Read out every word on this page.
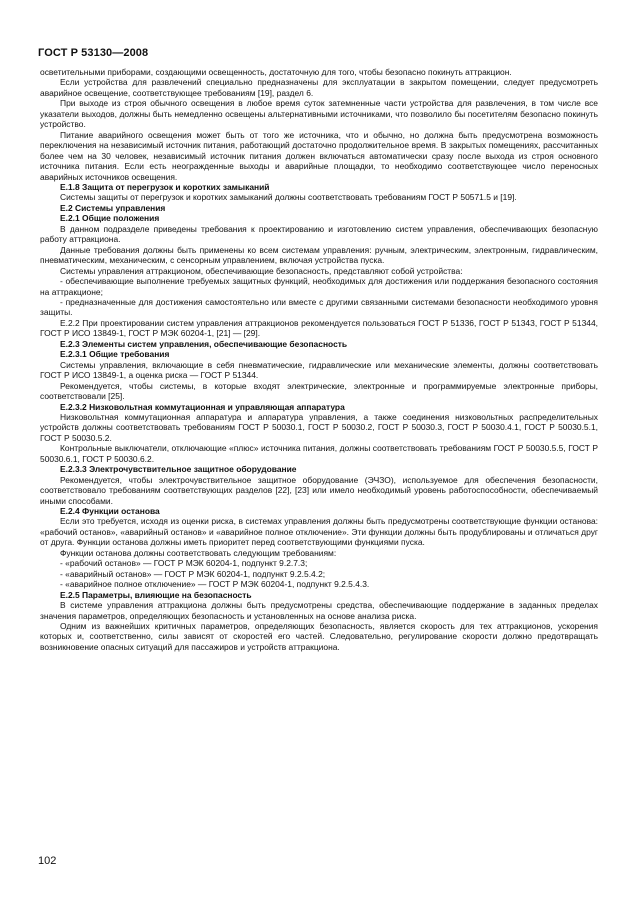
ГОСТ Р 53130—2008

осветительными приборами, создающими освещенность, достаточную для того, чтобы безопасно покинуть аттракцион.

Если устройства для развлечений специально предназначены для эксплуатации в закрытом помещении, следует предусмотреть аварийное освещение, соответствующее требованиям [19], раздел 6.

При выходе из строя обычного освещения в любое время суток затемненные части устройства для развлечения, в том числе все указатели выходов, должны быть немедленно освещены альтернативными источниками, что позволило бы посетителям безопасно покинуть устройство.

Питание аварийного освещения может быть от того же источника, что и обычно, но должна быть предусмотрена возможность переключения на независимый источник питания, работающий достаточно продолжительное время. В закрытых помещениях, рассчитанных более чем на 30 человек, независимый источник питания должен включаться автоматически сразу после выхода из строя основного источника питания. Если есть неогражденные выходы и аварийные площадки, то необходимо соответствующее число переносных аварийных источников освещения.

Е.1.8 Защита от перегрузок и коротких замыканий

Системы защиты от перегрузок и коротких замыканий должны соответствовать требованиям ГОСТ Р 50571.5 и [19].

Е.2 Системы управления

Е.2.1 Общие положения

В данном подразделе приведены требования к проектированию и изготовлению систем управления, обеспечивающих безопасную работу аттракциона.

Данные требования должны быть применены ко всем системам управления: ручным, электрическим, электронным, гидравлическим, пневматическим, механическим, с сенсорным управлением, включая устройства пуска.

Системы управления аттракционом, обеспечивающие безопасность, представляют собой устройства:

- обеспечивающие выполнение требуемых защитных функций, необходимых для достижения или поддержания безопасного состояния на аттракционе;

- предназначенные для достижения самостоятельно или вместе с другими связанными системами безопасности необходимого уровня защиты.

Е.2.2 При проектировании систем управления аттракционов рекомендуется пользоваться ГОСТ Р 51336, ГОСТ Р 51343, ГОСТ Р 51344, ГОСТ Р ИСО 13849-1, ГОСТ Р МЭК 60204-1, [21] — [29].

Е.2.3 Элементы систем управления, обеспечивающие безопасность

Е.2.3.1 Общие требования

Системы управления, включающие в себя пневматические, гидравлические или механические элементы, должны соответствовать ГОСТ Р ИСО 13849-1, а оценка риска — ГОСТ Р 51344.

Рекомендуется, чтобы системы, в которые входят электрические, электронные и программируемые электронные приборы, соответствовали [25].

Е.2.3.2 Низковольтная коммутационная и управляющая аппаратура

Низковольтная коммутационная аппаратура и аппаратура управления, а также соединения низковольтных распределительных устройств должны соответствовать требованиям ГОСТ Р 50030.1, ГОСТ Р 50030.2, ГОСТ Р 50030.3, ГОСТ Р 50030.4.1, ГОСТ Р 50030.5.1, ГОСТ Р 50030.5.2.

Контрольные выключатели, отключающие «плюс» источника питания, должны соответствовать требованиям ГОСТ Р 50030.5.5, ГОСТ Р 50030.6.1, ГОСТ Р 50030.6.2.

Е.2.3.3 Электрочувствительное защитное оборудование

Рекомендуется, чтобы электрочувствительное защитное оборудование (ЭЧЗО), используемое для обеспечения безопасности, соответствовало требованиям соответствующих разделов [22], [23] или имело необходимый уровень работоспособности, обеспечиваемый иными способами.

Е.2.4 Функции останова

Если это требуется, исходя из оценки риска, в системах управления должны быть предусмотрены соответствующие функции останова: «рабочий останов», «аварийный останов» и «аварийное полное отключение». Эти функции должны быть продублированы и отличаться друг от друга. Функции останова должны иметь приоритет перед соответствующими функциями пуска.

Функции останова должны соответствовать следующим требованиям:

- «рабочий останов» — ГОСТ Р МЭК 60204-1, подпункт 9.2.7.3;

- «аварийный останов» — ГОСТ Р МЭК 60204-1, подпункт 9.2.5.4.2;

- «аварийное полное отключение» — ГОСТ Р МЭК 60204-1, подпункт 9.2.5.4.3.

Е.2.5 Параметры, влияющие на безопасность

В системе управления аттракциона должны быть предусмотрены средства, обеспечивающие поддержание в заданных пределах значения параметров, определяющих безопасность и установленных на основе анализа риска.

Одним из важнейших критичных параметров, определяющих безопасность, является скорость для тех аттракционов, ускорения которых и, соответственно, силы зависят от скоростей его частей. Следовательно, регулирование скорости должно предотвращать возникновение опасных ситуаций для пассажиров и устройств аттракциона.

102
